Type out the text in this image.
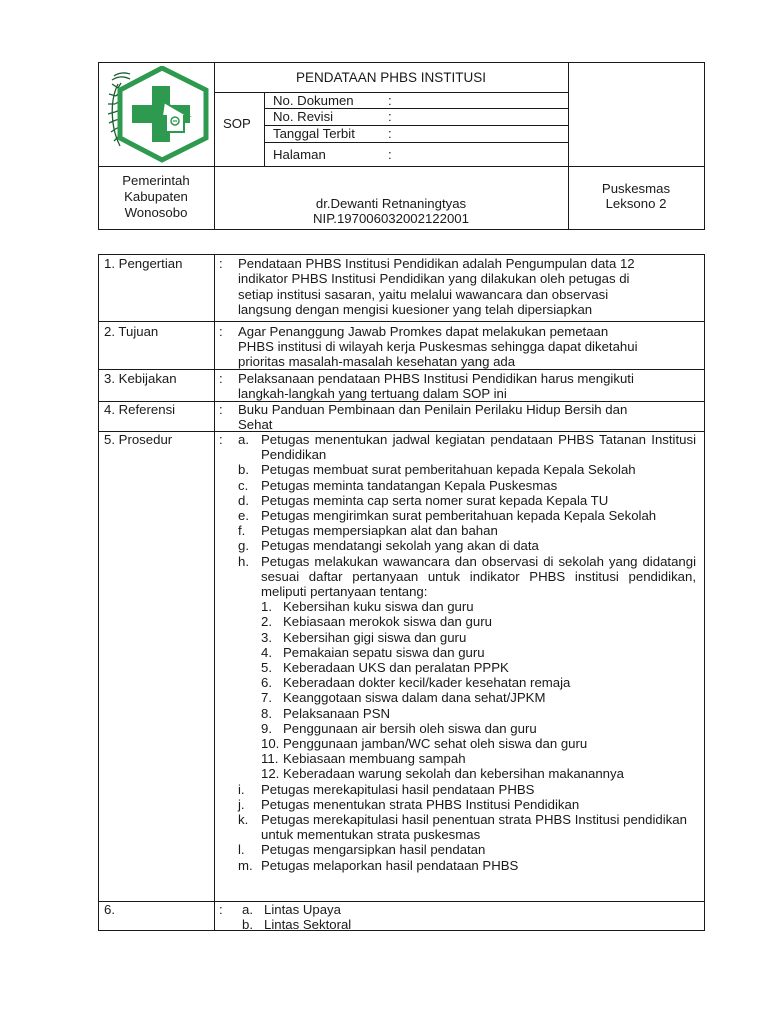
PENDATAAN PHBS INSTITUSI
SOP
No. Dokumen	:
No. Revisi	:
Tanggal Terbit	:
Halaman	:
Pemerintah
Kabupaten
Wonosobo
dr.Dewanti Retnaningtyas
NIP.197006032002122001
Puskesmas
Leksono 2
1. Pengertian	: Pendataan PHBS Institusi Pendidikan adalah Pengumpulan data 12
indikator PHBS Institusi Pendidikan yang dilakukan oleh petugas di
setiap institusi sasaran, yaitu melalui wawancara dan observasi
langsung dengan mengisi kuesioner yang telah dipersiapkan
2. Tujuan	: Agar Penanggung Jawab Promkes dapat melakukan pemetaan
PHBS institusi di wilayah kerja Puskesmas sehingga dapat diketahui
prioritas masalah-masalah kesehatan yang ada
3. Kebijakan	: Pelaksanaan pendataan PHBS Institusi Pendidikan harus mengikuti
langkah-langkah yang tertuang dalam SOP ini
4. Referensi	: Buku Panduan Pembinaan dan Penilain Perilaku Hidup Bersih dan
Sehat
5. Prosedur	: a. Petugas menentukan jadwal kegiatan pendataan PHBS Tatanan Institusi Pendidikan
b. Petugas membuat surat pemberitahuan kepada Kepala Sekolah
c. Petugas meminta tandatangan Kepala Puskesmas
d. Petugas meminta cap serta nomer surat kepada Kepala TU
e. Petugas mengirimkan surat pemberitahuan kepada Kepala Sekolah
f. Petugas mempersiapkan alat dan bahan
g. Petugas mendatangi sekolah yang akan di data
h. Petugas melakukan wawancara dan observasi di sekolah yang didatangi sesuai daftar pertanyaan untuk indikator PHBS institusi pendidikan, meliputi pertanyaan tentang:
1. Kebersihan kuku siswa dan guru
2. Kebiasaan merokok siswa dan guru
3. Kebersihan gigi siswa dan guru
4. Pemakaian sepatu siswa dan guru
5. Keberadaan UKS dan peralatan PPPK
6. Keberadaan dokter kecil/kader kesehatan remaja
7. Keanggotaan siswa dalam dana sehat/JPKM
8. Pelaksanaan PSN
9. Penggunaan air bersih oleh siswa dan guru
10. Penggunaan jamban/WC sehat oleh siswa dan guru
11. Kebiasaan membuang sampah
12. Keberadaan warung sekolah dan kebersihan makanannya
i. Petugas merekapitulasi hasil pendataan PHBS
j. Petugas menentukan strata PHBS Institusi Pendidikan
k. Petugas merekapitulasi hasil penentuan strata PHBS Institusi pendidikan untuk mementukan strata puskesmas
l. Petugas mengarsipkan hasil pendatan
m. Petugas melaporkan hasil pendataan PHBS
6.	: a. Lintas Upaya
b. Lintas Sektoral
